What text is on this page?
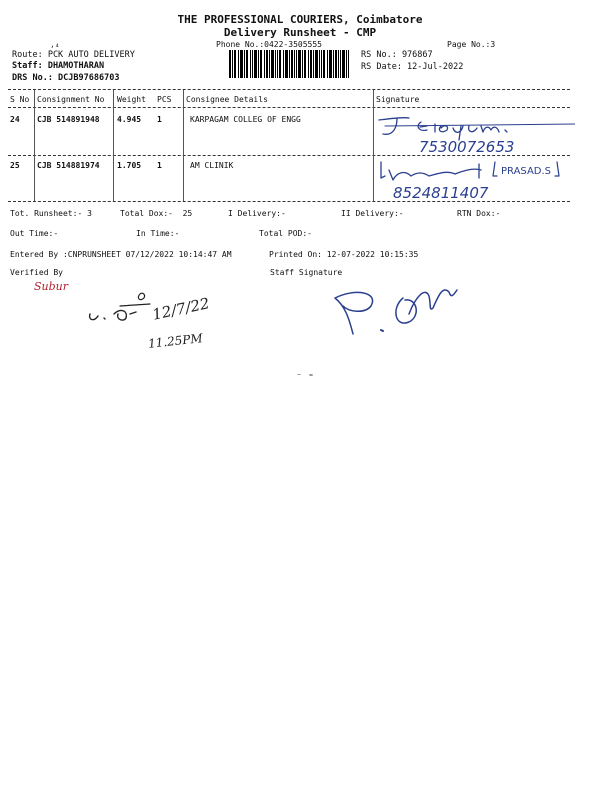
THE PROFESSIONAL COURIERS, Coimbatore
Delivery Runsheet - CMP
Phone No.:0422-3505555	Page No.:3
,₄
Route: PCK AUTO DELIVERY
Staff: DHAMOTHARAN
DRS No.: DCJB97686703
RS No.: 976867
RS Date: 12-Jul-2022
S No Consignment No Weight PCS Consignee Details	Signature
24 CJB 514891948 4.945 1	KARPAGAM COLLEG OF ENGG
7530072653
25 CJB 514881974 1.705 1	AM CLINIK
PRASAD.S
8524811407
Tot. Runsheet:- 3	Total Dox:-  25	I Delivery:-	II Delivery:-	RTN Dox:-
Out Time:-	In Time:-	Total POD:-
Entered By :CNPRUNSHEET 07/12/2022 10:14:47 AM	Printed On: 12-07-2022 10:15:35
Verified By	Staff Signature
Subur
12/7/22
11.25PM
⁻ ⁼
